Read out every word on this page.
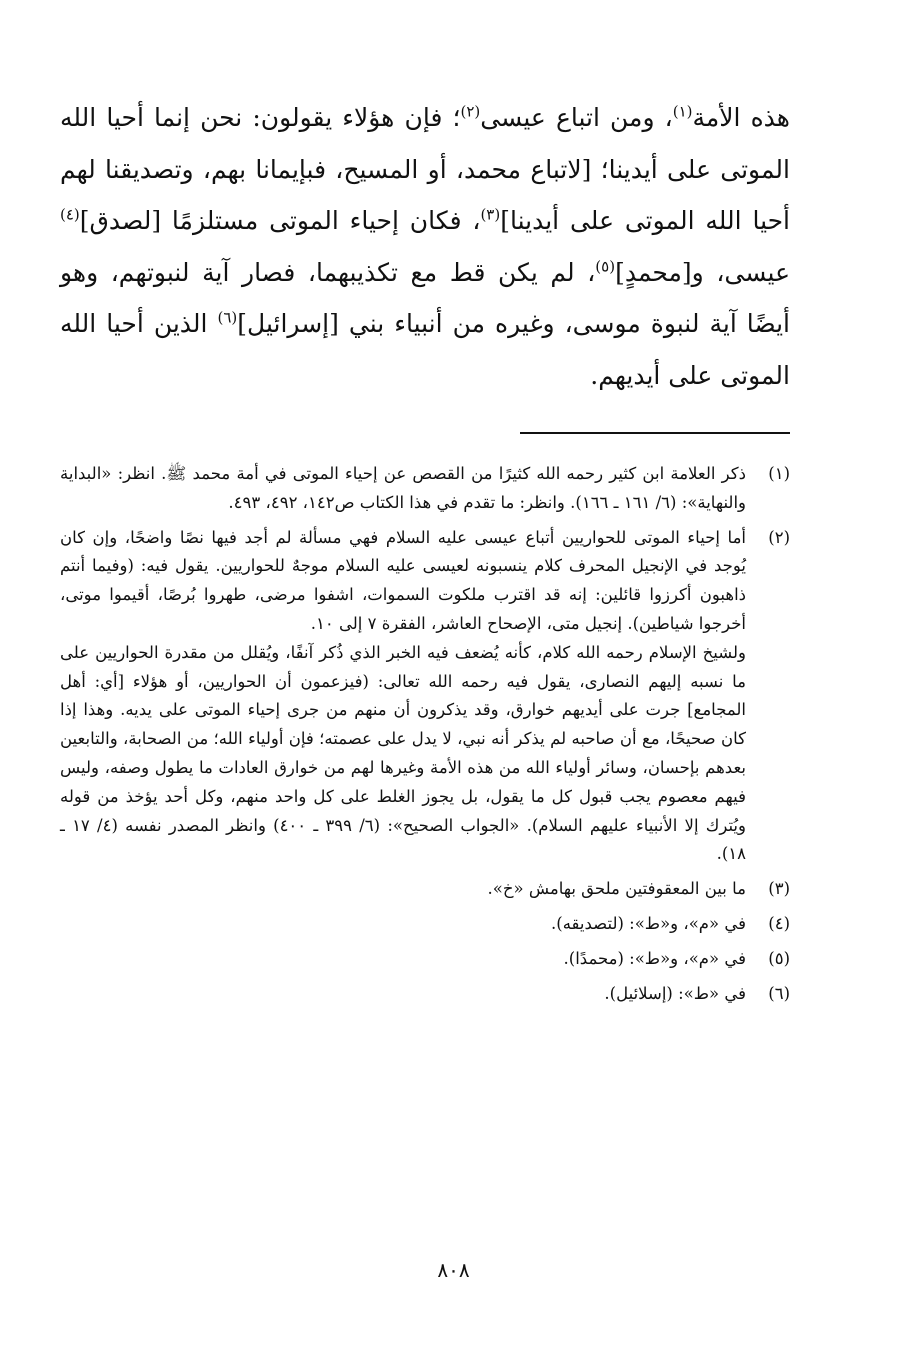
هذه الأمة$^{(١)}$، ومن اتباع عيسى$^{(٢)}$؛ فإن هؤلاء يقولون: نحن إنما أحيا الله الموتى على أيدينا؛ [لاتباع محمد، أو المسيح، فبإيمانا بهم، وتصديقنا لهم أحيا الله الموتى على أيدينا]$^{(٣)}$، فكان إحياء الموتى مستلزمًا [لصدق]$^{(٤)}$ عيسى، و[محمدٍ]$^{(٥)}$، لم يكن قط مع تكذيبهما، فصار آية لنبوتهم، وهو أيضًا آية لنبوة موسى، وغيره من أنبياء بني [إسرائيل]$^{(٦)}$ الذين أحيا الله الموتى على أيديهم.

(١)

ذكر العلامة ابن كثير رحمه الله كثيرًا من القصص عن إحياء الموتى في أمة محمد ﷺ. انظر: «البداية والنهاية»: (٦/ ١٦١ ـ ١٦٦). وانظر: ما تقدم في هذا الكتاب ص١٤٢، ٤٩٢، ٤٩٣.

(٢)

أما إحياء الموتى للحواريين أتباع عيسى عليه السلام فهي مسألة لم أجد فيها نصًا واضحًا، وإن كان يُوجد في الإنجيل المحرف كلام ينسبونه لعيسى عليه السلام موجهٌ للحواريين. يقول فيه: (وفيما أنتم ذاهبون أكرزوا قائلين: إنه قد اقترب ملكوت السموات، اشفوا مرضى، طهروا بُرصًا، أقيموا موتى، أخرجوا شياطين). إنجيل متى، الإصحاح العاشر، الفقرة ٧ إلى ١٠.

ولشيخ الإسلام رحمه الله كلام، كأنه يُضعف فيه الخبر الذي ذُكر آنفًا، ويُقلل من مقدرة الحواريين على ما نسبه إليهم النصارى، يقول فيه رحمه الله تعالى: (فيزعمون أن الحواريين، أو هؤلاء [أي: أهل المجامع] جرت على أيديهم خوارق، وقد يذكرون أن منهم من جرى إحياء الموتى على يديه. وهذا إذا كان صحيحًا، مع أن صاحبه لم يذكر أنه نبي، لا يدل على عصمته؛ فإن أولياء الله؛ من الصحابة، والتابعين بعدهم بإحسان، وسائر أولياء الله من هذه الأمة وغيرها لهم من خوارق العادات ما يطول وصفه، وليس فيهم معصوم يجب قبول كل ما يقول، بل يجوز الغلط على كل واحد منهم، وكل أحد يؤخذ من قوله ويُترك إلا الأنبياء عليهم السلام). «الجواب الصحيح»: (٦/ ٣٩٩ ـ ٤٠٠) وانظر المصدر نفسه (٤/ ١٧ ـ ١٨).

(٣)

ما بين المعقوفتين ملحق بهامش «خ».

(٤)

في «م»، و«ط»: (لتصديقه).

(٥)

في «م»، و«ط»: (محمدًا).

(٦)

في «ط»: (إسلائيل).

٨٠٨
